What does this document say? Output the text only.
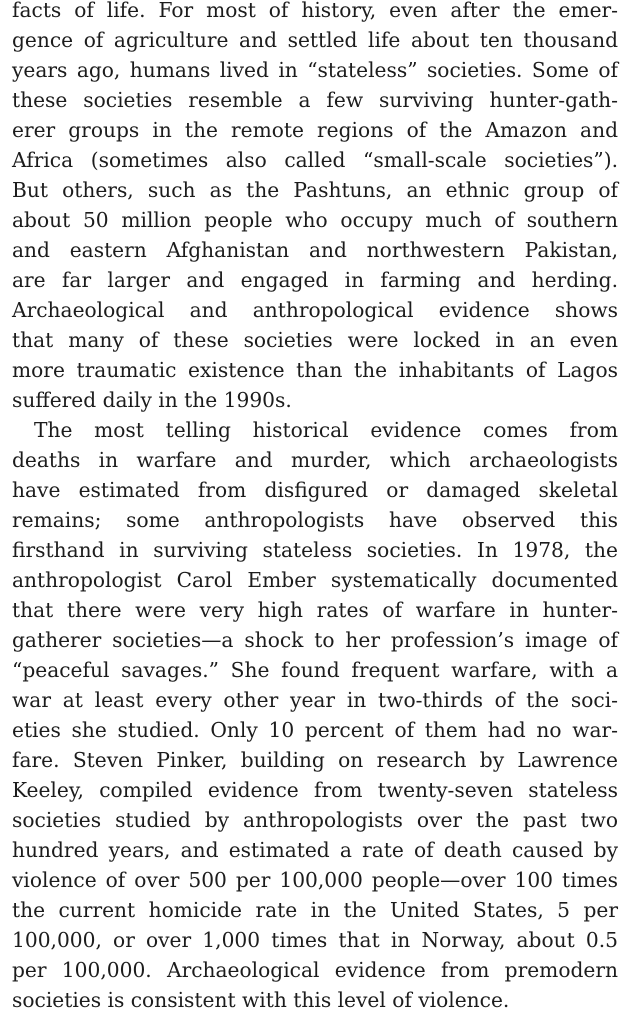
facts of life. For most of history, even after the emer-
gence of agriculture and settled life about ten thousand
years ago, humans lived in “stateless” societies. Some of
these societies resemble a few surviving hunter-gath-
erer groups in the remote regions of the Amazon and
Africa (sometimes also called “small-scale societies”).
But others, such as the Pashtuns, an ethnic group of
about 50 million people who occupy much of southern
and eastern Afghanistan and northwestern Pakistan,
are far larger and engaged in farming and herding.
Archaeological and anthropological evidence shows
that many of these societies were locked in an even
more traumatic existence than the inhabitants of Lagos
suffered daily in the 1990s.
The most telling historical evidence comes from
deaths in warfare and murder, which archaeologists
have estimated from disfigured or damaged skeletal
remains; some anthropologists have observed this
firsthand in surviving stateless societies. In 1978, the
anthropologist Carol Ember systematically documented
that there were very high rates of warfare in hunter-
gatherer societies—a shock to her profession’s image of
“peaceful savages.” She found frequent warfare, with a
war at least every other year in two-thirds of the soci-
eties she studied. Only 10 percent of them had no war-
fare. Steven Pinker, building on research by Lawrence
Keeley, compiled evidence from twenty-seven stateless
societies studied by anthropologists over the past two
hundred years, and estimated a rate of death caused by
violence of over 500 per 100,000 people—over 100 times
the current homicide rate in the United States, 5 per
100,000, or over 1,000 times that in Norway, about 0.5
per 100,000. Archaeological evidence from premodern
societies is consistent with this level of violence.
